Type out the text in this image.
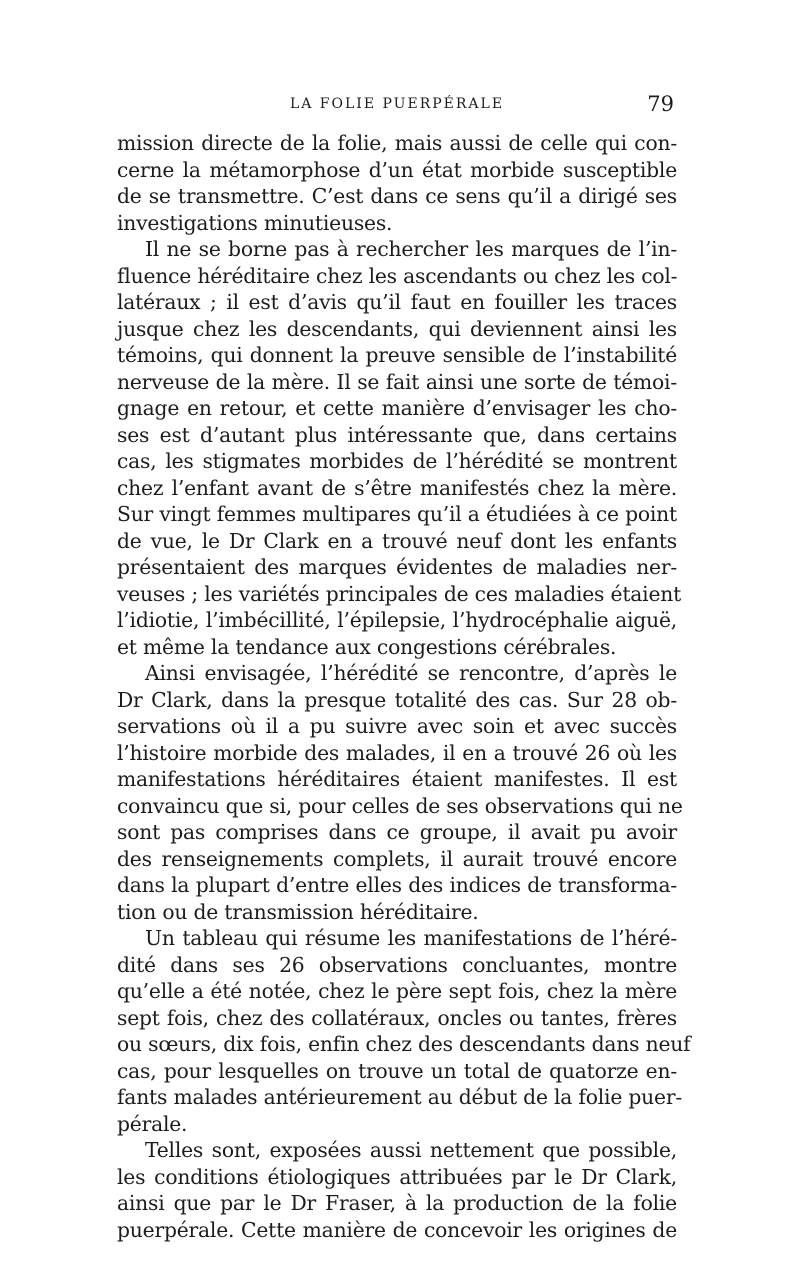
LA FOLIE PUERPÉRALE	79
mission directe de la folie, mais aussi de celle qui con-
cerne la métamorphose d’un état morbide susceptible
de se transmettre. C’est dans ce sens qu’il a dirigé ses
investigations minutieuses.
Il ne se borne pas à rechercher les marques de l’in-
fluence héréditaire chez les ascendants ou chez les col-
latéraux ; il est d’avis qu’il faut en fouiller les traces
jusque chez les descendants, qui deviennent ainsi les
témoins, qui donnent la preuve sensible de l’instabilité
nerveuse de la mère. Il se fait ainsi une sorte de témoi-
gnage en retour, et cette manière d’envisager les cho-
ses est d’autant plus intéressante que, dans certains
cas, les stigmates morbides de l’hérédité se montrent
chez l’enfant avant de s’être manifestés chez la mère.
Sur vingt femmes multipares qu’il a étudiées à ce point
de vue, le Dr Clark en a trouvé neuf dont les enfants
présentaient des marques évidentes de maladies ner-
veuses ; les variétés principales de ces maladies étaient
l’idiotie, l’imbécillité, l’épilepsie, l’hydrocéphalie aiguë,
et même la tendance aux congestions cérébrales.
Ainsi envisagée, l’hérédité se rencontre, d’après le
Dr Clark, dans la presque totalité des cas. Sur 28 ob-
servations où il a pu suivre avec soin et avec succès
l’histoire morbide des malades, il en a trouvé 26 où les
manifestations héréditaires étaient manifestes. Il est
convaincu que si, pour celles de ses observations qui ne
sont pas comprises dans ce groupe, il avait pu avoir
des renseignements complets, il aurait trouvé encore
dans la plupart d’entre elles des indices de transforma-
tion ou de transmission héréditaire.
Un tableau qui résume les manifestations de l’héré-
dité dans ses 26 observations concluantes, montre
qu’elle a été notée, chez le père sept fois, chez la mère
sept fois, chez des collatéraux, oncles ou tantes, frères
ou sœurs, dix fois, enfin chez des descendants dans neuf
cas, pour lesquelles on trouve un total de quatorze en-
fants malades antérieurement au début de la folie puer-
pérale.
Telles sont, exposées aussi nettement que possible,
les conditions étiologiques attribuées par le Dr Clark,
ainsi que par le Dr Fraser, à la production de la folie
puerpérale. Cette manière de concevoir les origines de
